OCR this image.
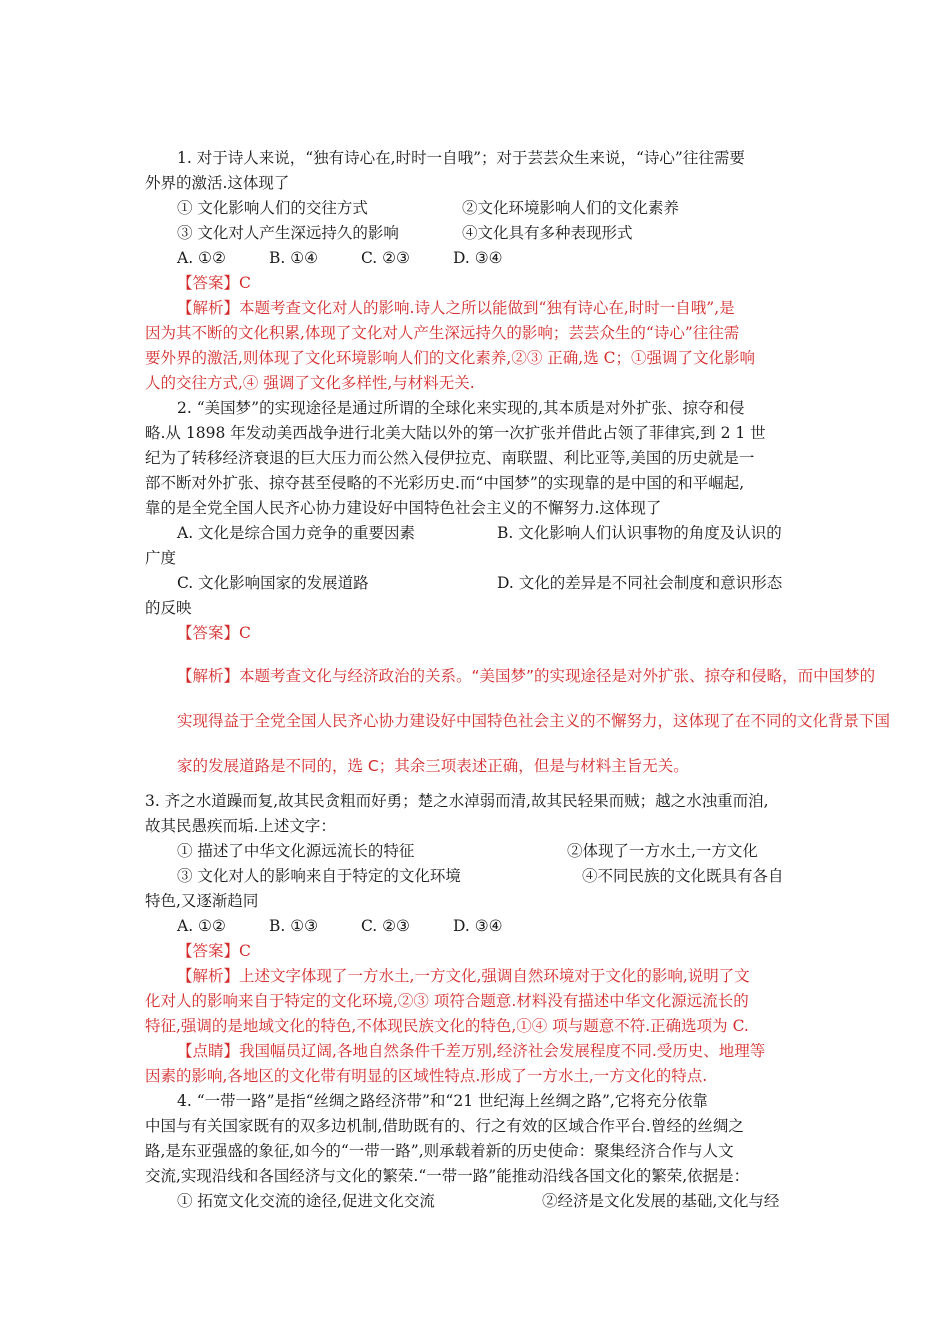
1. 对于诗人来说，“独有诗心在,时时一自哦”；对于芸芸众生来说，“诗心”往往需要
外界的激活.这体现了
① 文化影响人们的交往方式	②文化环境影响人们的文化素养
③ 文化对人产生深远持久的影响	④文化具有多种表现形式
A. ①②	B. ①④	C. ②③	D. ③④
【答案】C
【解析】本题考查文化对人的影响.诗人之所以能做到“独有诗心在,时时一自哦”,是
因为其不断的文化积累,体现了文化对人产生深远持久的影响；芸芸众生的“诗心”往往需
要外界的激活,则体现了文化环境影响人们的文化素养,②③ 正确,选 C；①强调了文化影响
人的交往方式,④ 强调了文化多样性,与材料无关.
2. “美国梦”的实现途径是通过所谓的全球化来实现的,其本质是对外扩张、掠夺和侵
略.从 1898 年发动美西战争进行北美大陆以外的第一次扩张并借此占领了菲律宾,到 2 1 世
纪为了转移经济衰退的巨大压力而公然入侵伊拉克、南联盟、利比亚等,美国的历史就是一
部不断对外扩张、掠夺甚至侵略的不光彩历史.而“中国梦”的实现靠的是中国的和平崛起,
靠的是全党全国人民齐心协力建设好中国特色社会主义的不懈努力.这体现了
A. 文化是综合国力竞争的重要因素	B. 文化影响人们认识事物的角度及认识的
广度
C. 文化影响国家的发展道路	D. 文化的差异是不同社会制度和意识形态
的反映
【答案】C
【解析】本题考查文化与经济政治的关系。“美国梦”的实现途径是对外扩张、掠夺和侵略，而中国梦的
实现得益于全党全国人民齐心协力建设好中国特色社会主义的不懈努力，这体现了在不同的文化背景下国
家的发展道路是不同的，选 C；其余三项表述正确，但是与材料主旨无关。
3. 齐之水道躁而复,故其民贪粗而好勇；楚之水淖弱而清,故其民轻果而贼；越之水浊重而洎,
故其民愚疾而垢.上述文字：
① 描述了中华文化源远流长的特征	②体现了一方水土,一方文化
③ 文化对人的影响来自于特定的文化环境	④不同民族的文化既具有各自
特色,又逐渐趋同
A. ①②	B. ①③	C. ②③	D. ③④
【答案】C
【解析】上述文字体现了一方水土,一方文化,强调自然环境对于文化的影响,说明了文
化对人的影响来自于特定的文化环境,②③ 项符合题意.材料没有描述中华文化源远流长的
特征,强调的是地域文化的特色,不体现民族文化的特色,①④ 项与题意不符.正确选项为 C.
【点睛】我国幅员辽阔,各地自然条件千差万别,经济社会发展程度不同.受历史、地理等
因素的影响,各地区的文化带有明显的区域性特点.形成了一方水土,一方文化的特点.
4. “一带一路”是指“丝绸之路经济带”和“21 世纪海上丝绸之路”,它将充分依靠
中国与有关国家既有的双多边机制,借助既有的、行之有效的区域合作平台.曾经的丝绸之
路,是东亚强盛的象征,如今的“一带一路”,则承载着新的历史使命：聚集经济合作与人文
交流,实现沿线和各国经济与文化的繁荣.“一带一路”能推动沿线各国文化的繁荣,依据是：
① 拓宽文化交流的途径,促进文化交流	②经济是文化发展的基础,文化与经
